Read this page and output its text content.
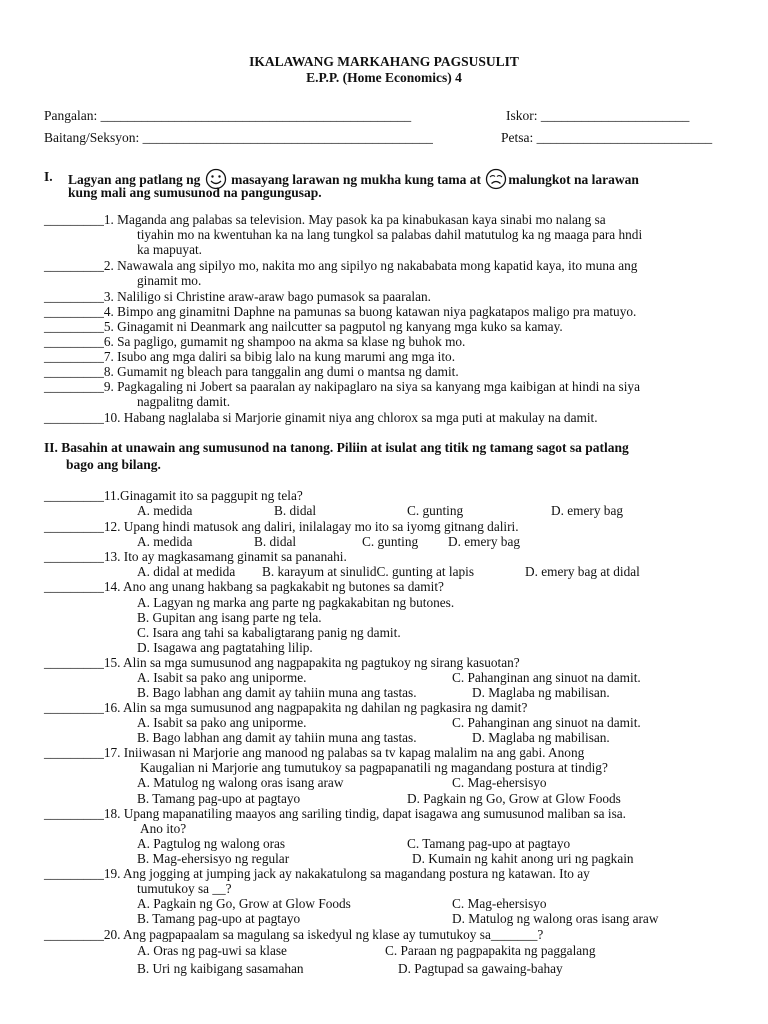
IKALAWANG MARKAHANG PAGSUSULIT
E.P.P. (Home Economics) 4
Pangalan: ______________________________________________	Iskor: ______________________
Baitang/Seksyon: ___________________________________________	Petsa: __________________________
I. Lagyan ang patlang ng masayang larawan ng mukha kung tama at malungkot na larawan
kung mali ang sumusunod na pangungusap.
_________1. Maganda ang palabas sa television. May pasok ka pa kinabukasan kaya sinabi mo nalang sa
tiyahin mo na kwentuhan ka na lang tungkol sa palabas dahil matutulog ka ng maaga para hndi
ka mapuyat.
_________2. Nawawala ang sipilyo mo, nakita mo ang sipilyo ng nakababata mong kapatid kaya, ito muna ang
ginamit mo.
_________3. Naliligo si Christine araw-araw bago pumasok sa paaralan.
_________4. Bimpo ang ginamitni Daphne na pamunas sa buong katawan niya pagkatapos maligo pra matuyo.
_________5. Ginagamit ni Deanmark ang nailcutter sa pagputol ng kanyang mga kuko sa kamay.
_________6. Sa pagligo, gumamit ng shampoo na akma sa klase ng buhok mo.
_________7. Isubo ang mga daliri sa bibig lalo na kung marumi ang mga ito.
_________8. Gumamit ng bleach para tanggalin ang dumi o mantsa ng damit.
_________9. Pagkagaling ni Jobert sa paaralan ay nakipaglaro na siya sa kanyang mga kaibigan at hindi na siya
nagpalitng damit.
_________10. Habang naglalaba si Marjorie ginamit niya ang chlorox sa mga puti at makulay na damit.
II. Basahin at unawain ang sumusunod na tanong. Piliin at isulat ang titik ng tamang sagot sa patlang
bago ang bilang.
_________11.Ginagamit ito sa paggupit ng tela?
A. medida	B. didal	C. gunting	D. emery bag
_________12. Upang hindi matusok ang daliri, inilalagay mo ito sa iyomg gitnang daliri.
A. medida	B. didal	C. gunting D. emery bag
_________13. Ito ay magkasamang ginamit sa pananahi.
A. didal at medida B. karayum at sinulidC. gunting at lapis	D. emery bag at didal
_________14. Ano ang unang hakbang sa pagkakabit ng butones sa damit?
A. Lagyan ng marka ang parte ng pagkakabitan ng butones.
B. Gupitan ang isang parte ng tela.
C. Isara ang tahi sa kabaligtarang panig ng damit.
D. Isagawa ang pagtatahing lilip.
_________15. Alin sa mga sumusunod ang nagpapakita ng pagtukoy ng sirang kasuotan?
A. Isabit sa pako ang uniporme.	C. Pahanginan ang sinuot na damit.
B. Bago labhan ang damit ay tahiin muna ang tastas.	D. Maglaba ng mabilisan.
_________16. Alin sa mga sumusunod ang nagpapakita ng dahilan ng pagkasira ng damit?
A. Isabit sa pako ang uniporme.	C. Pahanginan ang sinuot na damit.
B. Bago labhan ang damit ay tahiin muna ang tastas.	D. Maglaba ng mabilisan.
_________17. Iniiwasan ni Marjorie ang manood ng palabas sa tv kapag malalim na ang gabi. Anong
Kaugalian ni Marjorie ang tumutukoy sa pagpapanatili ng magandang postura at tindig?
A. Matulog ng walong oras isang araw	C. Mag-ehersisyo
B. Tamang pag-upo at pagtayo	D. Pagkain ng Go, Grow at Glow Foods
_________18. Upang mapanatiling maayos ang sariling tindig, dapat isagawa ang sumusunod maliban sa isa.
Ano ito?
A. Pagtulog ng walong oras	C. Tamang pag-upo at pagtayo
B. Mag-ehersisyo ng regular	D. Kumain ng kahit anong uri ng pagkain
_________19. Ang jogging at jumping jack ay nakakatulong sa magandang postura ng katawan. Ito ay
tumutukoy sa __?
A. Pagkain ng Go, Grow at Glow Foods	C. Mag-ehersisyo
B. Tamang pag-upo at pagtayo	D. Matulog ng walong oras isang araw
_________20. Ang pagpapaalam sa magulang sa iskedyul ng klase ay tumutukoy sa_______?
A. Oras ng pag-uwi sa klase	C. Paraan ng pagpapakita ng paggalang
B. Uri ng kaibigang sasamahan	D. Pagtupad sa gawaing-bahay
